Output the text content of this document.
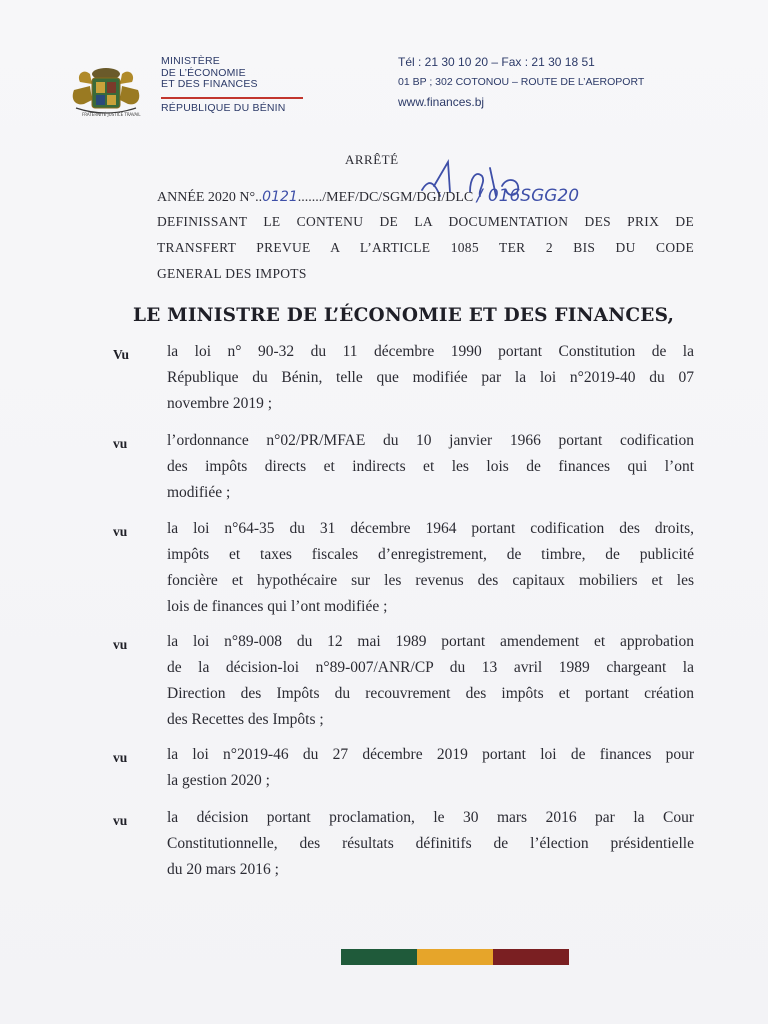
FRATERNITÉ JUSTICE TRAVAIL
MINISTÈRE
DE L’ÉCONOMIE
ET DES FINANCES
RÉPUBLIQUE DU BÉNIN
Tél : 21 30 10 20 – Fax : 21 30 18 51
01 BP ; 302 COTONOU – ROUTE DE L’AEROPORT
www.finances.bj
ARRÊTÉ
ANNÉE 2020 N°..0121......./MEF/DC/SGM/DGI/DLC / 016SGG20
DEFINISSANT LE CONTENU DE LA DOCUMENTATION DES PRIX DE
TRANSFERT PREVUE A L’ARTICLE 1085 TER 2 BIS DU CODE
GENERAL DES IMPOTS
LE MINISTRE DE L’ÉCONOMIE ET DES FINANCES,
Vu la loi n° 90-32 du 11 décembre 1990 portant Constitution de la
République du Bénin, telle que modifiée par la loi n°2019-40 du 07
novembre 2019 ;
vu	l’ordonnance n°02/PR/MFAE du 10 janvier 1966 portant codification
des impôts directs et indirects et les lois de finances qui l’ont
modifiée ;
vu	la loi n°64-35 du 31 décembre 1964 portant codification des droits,
impôts et taxes fiscales d’enregistrement, de timbre, de publicité
foncière et hypothécaire sur les revenus des capitaux mobiliers et les
lois de finances qui l’ont modifiée ;
vu	la loi n°89-008 du 12 mai 1989 portant amendement et approbation
de la décision-loi n°89-007/ANR/CP du 13 avril 1989 chargeant la
Direction des Impôts du recouvrement des impôts et portant création
des Recettes des Impôts ;
vu	la loi n°2019-46 du 27 décembre 2019 portant loi de finances pour
la gestion 2020 ;
vu	la décision portant proclamation, le 30 mars 2016 par la Cour
Constitutionnelle, des résultats définitifs de l’élection présidentielle
du 20 mars 2016 ;
